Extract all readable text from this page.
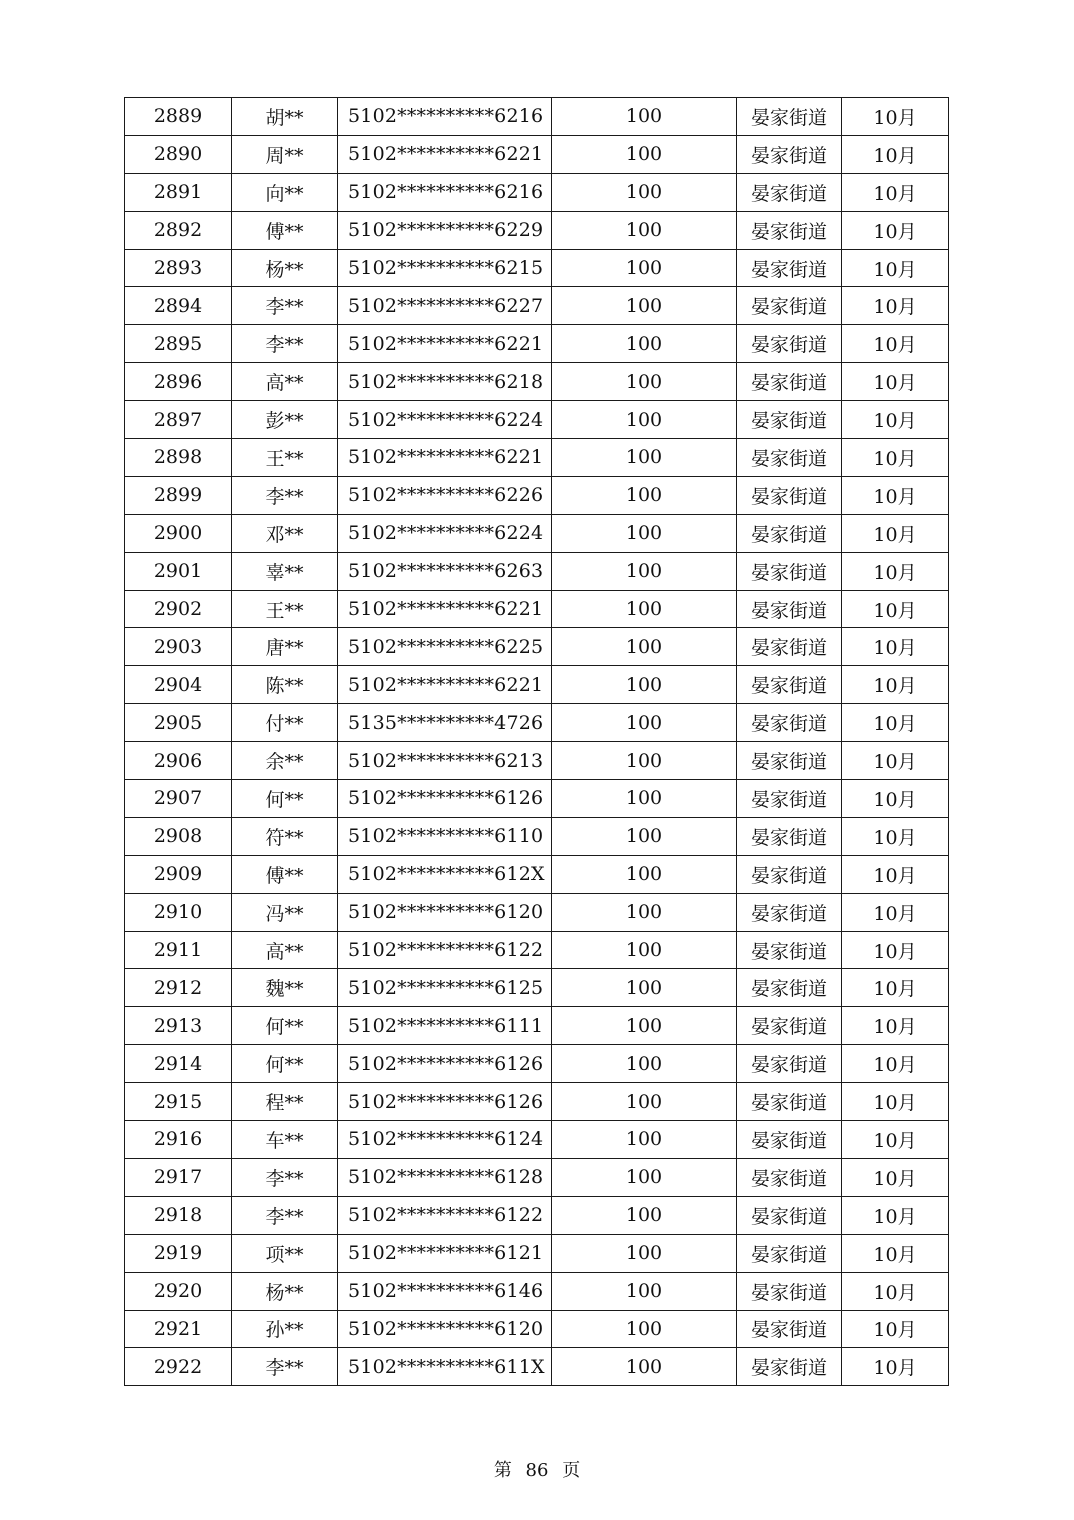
2889	胡**	5102**********6216	100	晏家街道	10月
2890	周**	5102**********6221	100	晏家街道	10月
2891	向**	5102**********6216	100	晏家街道	10月
2892	傅**	5102**********6229	100	晏家街道	10月
2893	杨**	5102**********6215	100	晏家街道	10月
2894	李**	5102**********6227	100	晏家街道	10月
2895	李**	5102**********6221	100	晏家街道	10月
2896	高**	5102**********6218	100	晏家街道	10月
2897	彭**	5102**********6224	100	晏家街道	10月
2898	王**	5102**********6221	100	晏家街道	10月
2899	李**	5102**********6226	100	晏家街道	10月
2900	邓**	5102**********6224	100	晏家街道	10月
2901	辜**	5102**********6263	100	晏家街道	10月
2902	王**	5102**********6221	100	晏家街道	10月
2903	唐**	5102**********6225	100	晏家街道	10月
2904	陈**	5102**********6221	100	晏家街道	10月
2905	付**	5135**********4726	100	晏家街道	10月
2906	余**	5102**********6213	100	晏家街道	10月
2907	何**	5102**********6126	100	晏家街道	10月
2908	符**	5102**********6110	100	晏家街道	10月
2909	傅**	5102**********612X	100	晏家街道	10月
2910	冯**	5102**********6120	100	晏家街道	10月
2911	高**	5102**********6122	100	晏家街道	10月
2912	魏**	5102**********6125	100	晏家街道	10月
2913	何**	5102**********6111	100	晏家街道	10月
2914	何**	5102**********6126	100	晏家街道	10月
2915	程**	5102**********6126	100	晏家街道	10月
2916	车**	5102**********6124	100	晏家街道	10月
2917	李**	5102**********6128	100	晏家街道	10月
2918	李**	5102**********6122	100	晏家街道	10月
2919	项**	5102**********6121	100	晏家街道	10月
2920	杨**	5102**********6146	100	晏家街道	10月
2921	孙**	5102**********6120	100	晏家街道	10月
2922	李**	5102**********611X	100	晏家街道	10月
第 86 页
